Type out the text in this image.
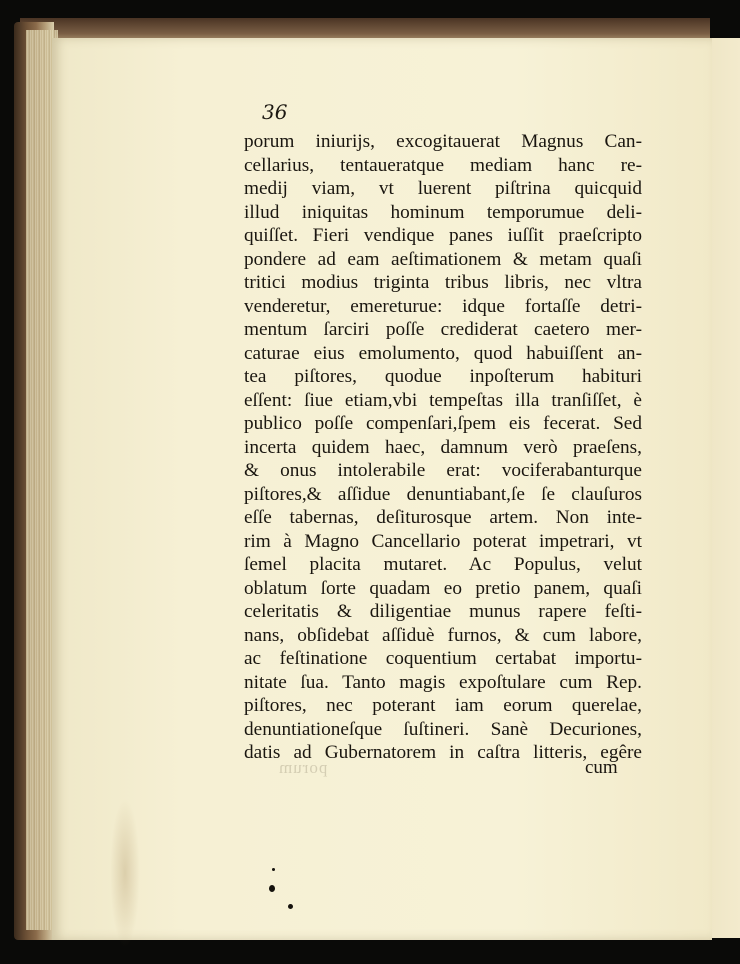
36
porum iniurijs, excogitauerat Magnus Can-
cellarius, tentaueratque mediam hanc re-
medij viam, vt luerent piſtrina quicquid
illud iniquitas hominum temporumue deli-
quiſſet. Fieri vendique panes iuſſit praeſcripto
pondere ad eam aeſtimationem & metam quaſi
tritici modius triginta tribus libris, nec vltra
venderetur, emereturue: idque fortaſſe detri-
mentum ſarciri poſſe crediderat caetero mer-
caturae eius emolumento, quod habuiſſent an-
tea piſtores, quodue inpoſterum habituri
eſſent: ſiue etiam,vbi tempeſtas illa tranſiſſet, è
publico poſſe compenſari,ſpem eis fecerat. Sed
incerta quidem haec, damnum verò praeſens,
& onus intolerabile erat: vociferabanturque
piſtores,& aſſidue denuntiabant,ſe ſe clauſuros
eſſe tabernas, deſiturosque artem. Non inte-
rim à Magno Cancellario poterat impetrari, vt
ſemel placita mutaret. Ac Populus, velut
oblatum ſorte quadam eo pretio panem, quaſi
celeritatis & diligentiae munus rapere feſti-
nans, obſidebat aſſiduè furnos, & cum labore,
ac feſtinatione coquentium certabat importu-
nitate ſua. Tanto magis expoſtulare cum Rep.
piſtores, nec poterant iam eorum querelae,
denuntiationeſque ſuſtineri. Sanè Decuriones,
datis ad Gubernatorem in caſtra litteris, egêre
porum	cum
